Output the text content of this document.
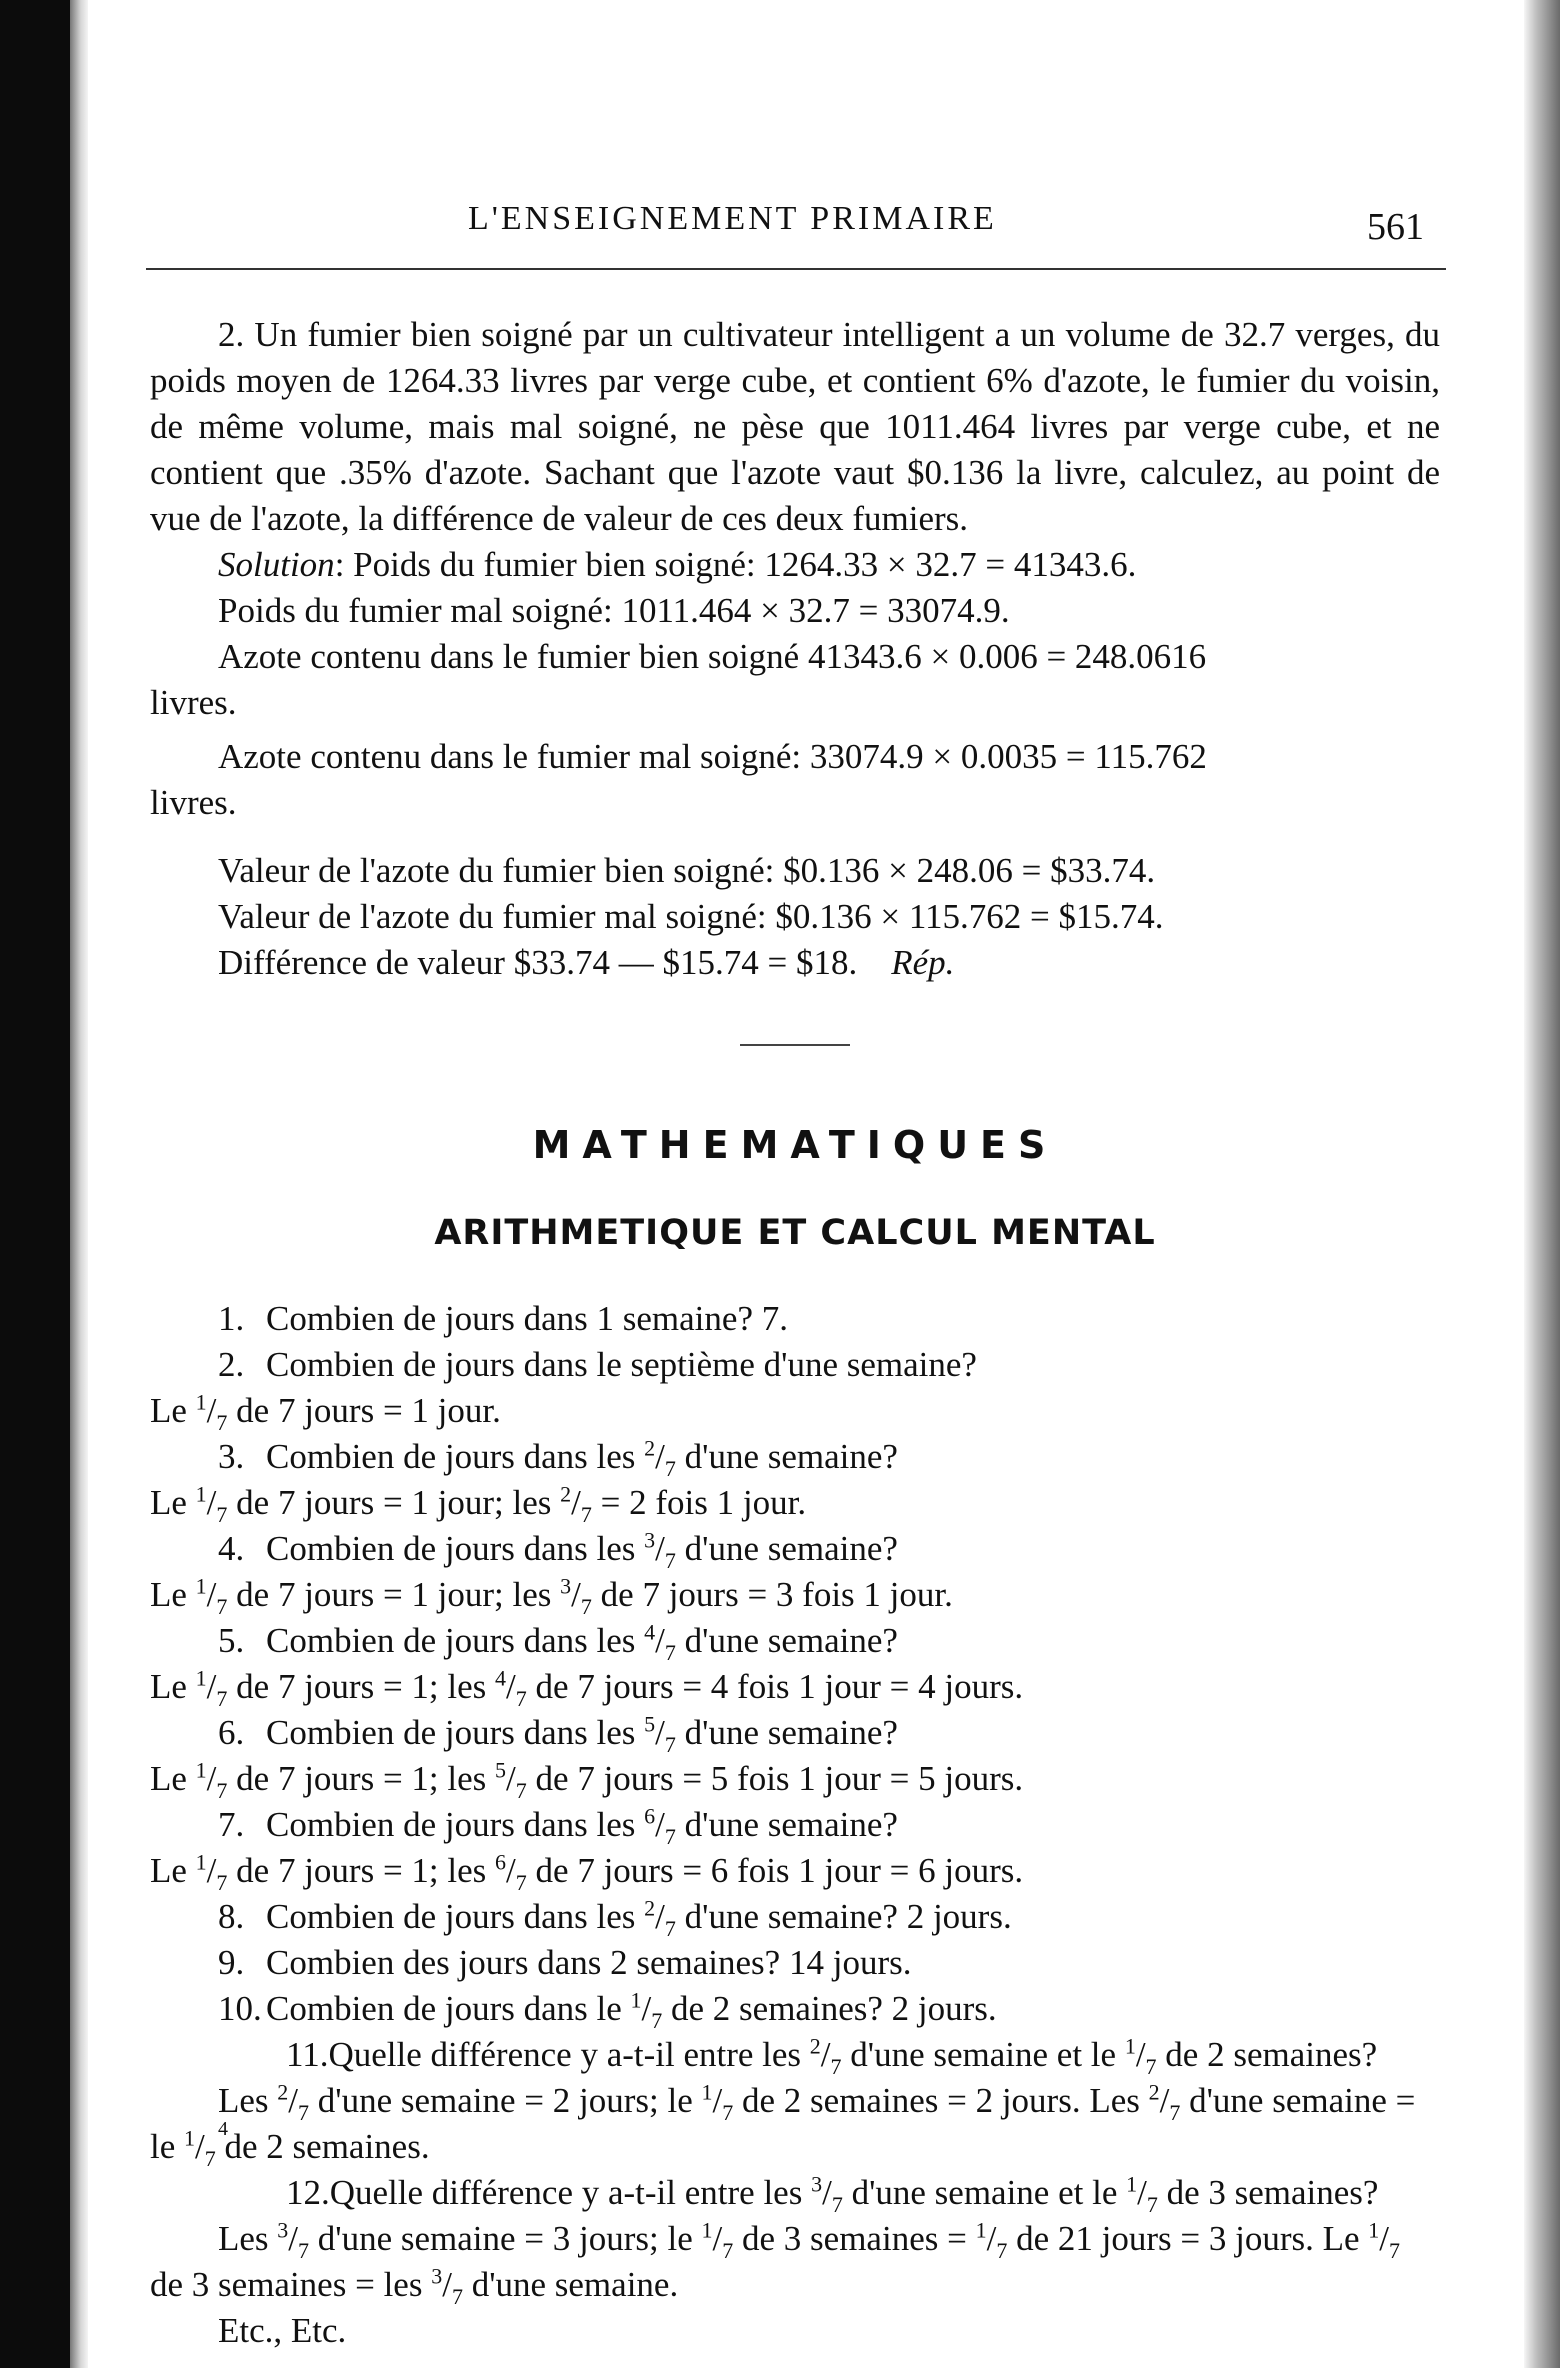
L'ENSEIGNEMENT PRIMAIRE	561

2. Un fumier bien soigné par un cultivateur intelligent a un volume de 32.7 verges, du poids moyen de 1264.33 livres par verge cube, et contient 6% d'azote, le fumier du voisin, de même volume, mais mal soigné, ne pèse que 1011.464 livres par verge cube, et ne contient que .35% d'azote. Sachant que l'azote vaut $0.136 la livre, calculez, au point de vue de l'azote, la différence de valeur de ces deux fumiers.

Solution: Poids du fumier bien soigné: 1264.33 × 32.7 = 41343.6.

Poids du fumier mal soigné: 1011.464 × 32.7 = 33074.9.

Azote contenu dans le fumier bien soigné 41343.6 × 0.006 = 248.0616

livres.

Azote contenu dans le fumier mal soigné: 33074.9 × 0.0035 = 115.762

livres.

Valeur de l'azote du fumier bien soigné: $0.136 × 248.06 = $33.74.

Valeur de l'azote du fumier mal soigné: $0.136 × 115.762 = $15.74.

Différence de valeur $33.74 — $15.74 = $18. Rép.

MATHEMATIQUES
ARITHMETIQUE ET CALCUL MENTAL

1. Combien de jours dans 1 semaine? 7.

2. Combien de jours dans le septième d'une semaine?

Le $^1/_7$ de 7 jours = 1 jour.

3. Combien de jours dans les $^2/_7$ d'une semaine?

Le $^1/_7$ de 7 jours = 1 jour; les $^2/_7 = 2$ fois 1 jour.

4. Combien de jours dans les $^3/_7$ d'une semaine?

Le $^1/_7$ de 7 jours = 1 jour; les $^3/_7$ de 7 jours = 3 fois 1 jour.

5. Combien de jours dans les $^4/_7$ d'une semaine?

Le $^1/_7$ de 7 jours = 1; les $^4/_7$ de 7 jours = 4 fois 1 jour = 4 jours.

6. Combien de jours dans les $^5/_7$ d'une semaine?

Le $^1/_7$ de 7 jours = 1; les $^5/_7$ de 7 jours = 5 fois 1 jour = 5 jours.

7. Combien de jours dans les $^6/_7$ d'une semaine?

Le $^1/_7$ de 7 jours = 1; les $^6/_7$ de 7 jours = 6 fois 1 jour = 6 jours.

8. Combien de jours dans les $^2/_7$ d'une semaine? 2 jours.

9. Combien des jours dans 2 semaines? 14 jours.

10. Combien de jours dans le $^1/_7$ de 2 semaines? 2 jours.

11.Quelle différence y a-t-il entre les $^2/_7$ d'une semaine et le $^1/_7$ de 2 semaines?

Les $^2/_7$ d'une semaine = 2 jours; le $^1/_7$ de 2 semaines = 2 jours. Les $^2/_7$ d'une semaine = le $^1/_7$ de 2 semaines.

12.Quelle différence y a-t-il entre les $^3/_7$ d'une semaine et le $^1/_7$ de 3 semaines?

Les $^3/_7$ d'une semaine = 3 jours; le $^1/_7$ de 3 semaines = $^1/_7$ de 21 jours = 3 jours. Le $^1/_7$ de 3 semaines = les $^3/_7$ d'une semaine.

Etc., Etc.

4
